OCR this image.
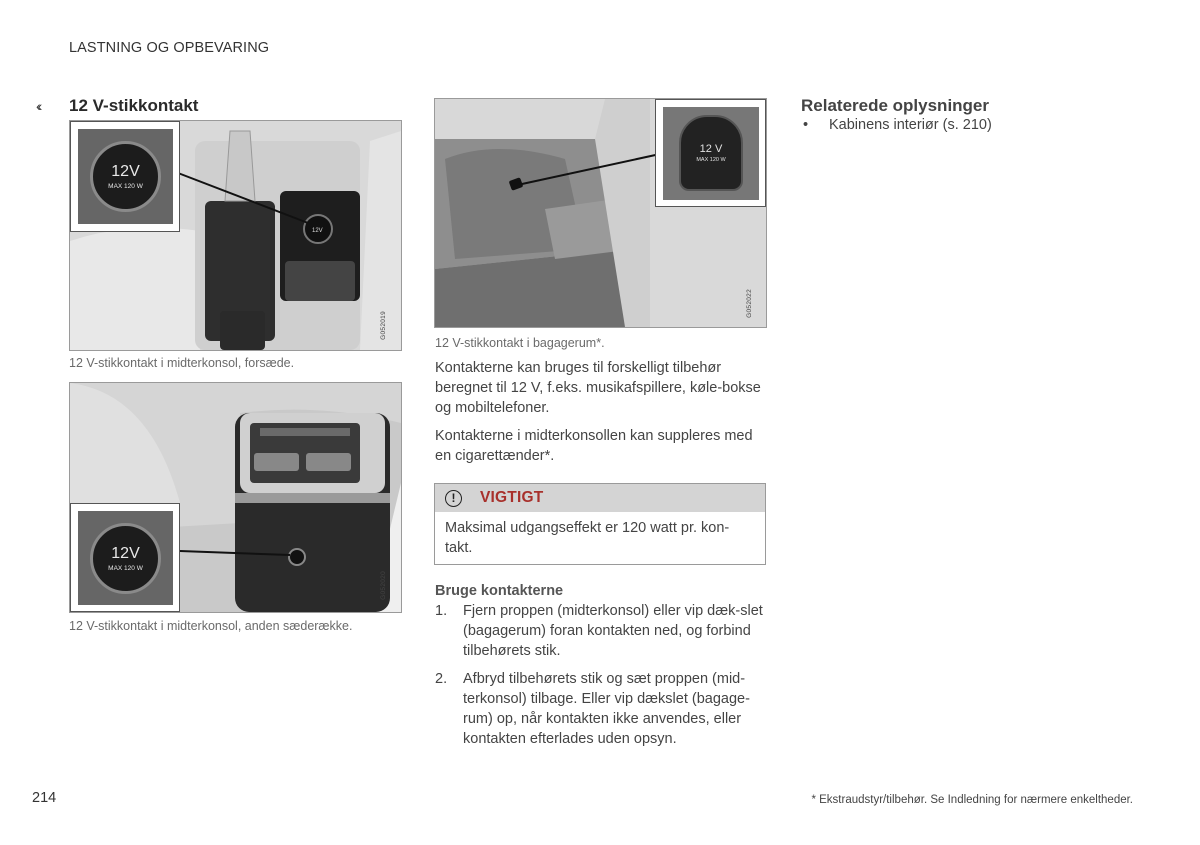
LASTNING OG OPBEVARING
‹‹ 12 V-stikkontakt
12V
12V
MAX 120 W
G052019
12 V-stikkontakt i midterkonsol, forsæde.
12V
MAX 120 W
G052020
12 V-stikkontakt i midterkonsol, anden sæderække.
12 V
MAX 120 W
G052022
12 V-stikkontakt i bagagerum*.

Kontakterne kan bruges til forskelligt tilbehør beregnet til 12 V, f.eks. musikafspillere, køle-bokse og mobiltelefoner.

Kontakterne i midterkonsollen kan suppleres med en cigarettænder*.

!	VIGTIGT
Maksimal udgangseffekt er 120 watt pr. kon-takt.
Bruge kontakterne
1.	Fjern proppen (midterkonsol) eller vip dæk-slet (bagagerum) foran kontakten ned, og forbind tilbehørets stik.
2.	Afbryd tilbehørets stik og sæt proppen (mid-terkonsol) tilbage. Eller vip dækslet (bagage-rum) op, når kontakten ikke anvendes, eller kontakten efterlades uden opsyn.
Relaterede oplysninger
•	Kabinens interiør (s. 210)
214	* Ekstraudstyr/tilbehør. Se Indledning for nærmere enkeltheder.
